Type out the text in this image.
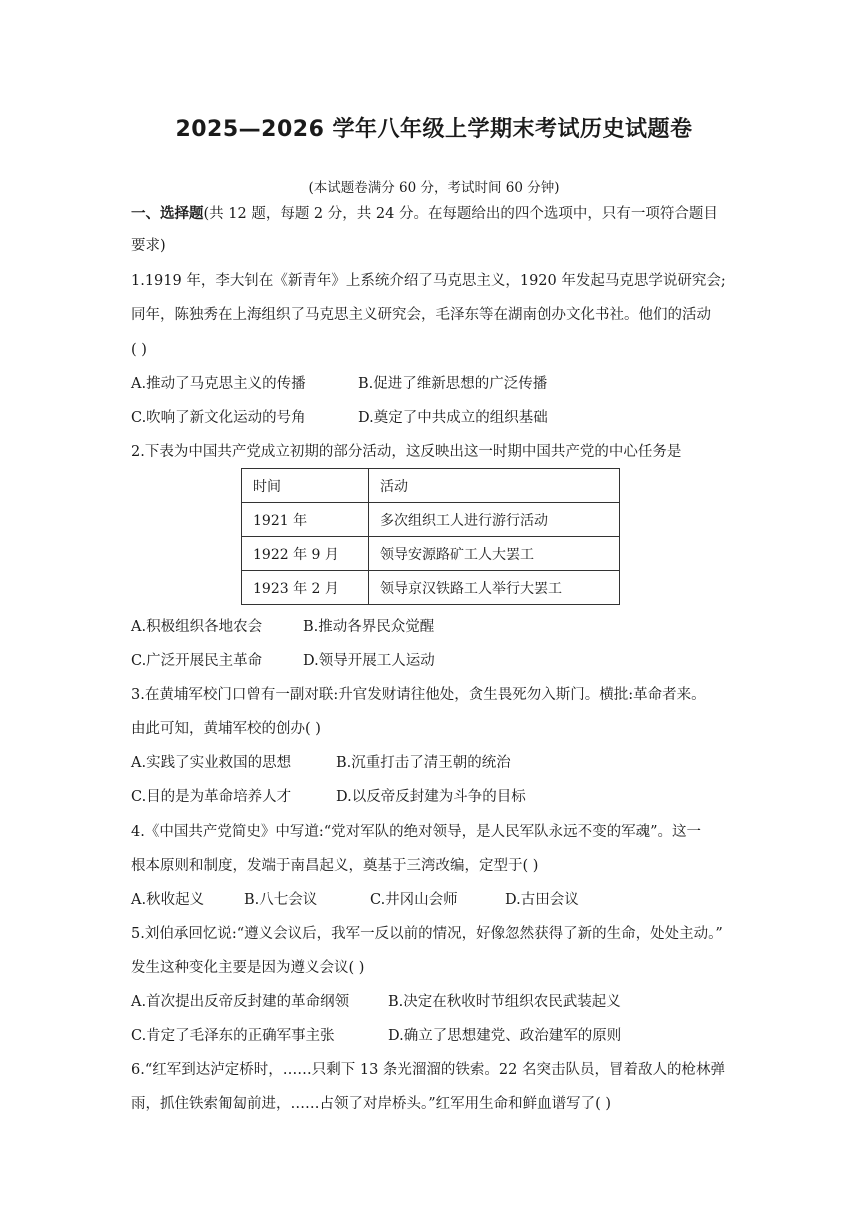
2025—2026 学年八年级上学期末考试历史试题卷
(本试题卷满分 60 分，考试时间 60 分钟)
一、选择题(共 12 题，每题 2 分，共 24 分。在每题给出的四个选项中，只有一项符合题目
要求)
1.1919 年，李大钊在《新青年》上系统介绍了马克思主义，1920 年发起马克思学说研究会;
同年，陈独秀在上海组织了马克思主义研究会，毛泽东等在湖南创办文化书社。他们的活动
( )
A.推动了马克思主义的传播	B.促进了维新思想的广泛传播
C.吹响了新文化运动的号角	D.奠定了中共成立的组织基础
2.下表为中国共产党成立初期的部分活动，这反映出这一时期中国共产党的中心任务是
时间	活动
1921 年	多次组织工人进行游行活动
1922 年 9 月	领导安源路矿工人大罢工
1923 年 2 月	领导京汉铁路工人举行大罢工
A.积极组织各地农会	B.推动各界民众觉醒
C.广泛开展民主革命	D.领导开展工人运动
3.在黄埔军校门口曾有一副对联:升官发财请往他处，贪生畏死勿入斯门。横批:革命者来。
由此可知，黄埔军校的创办( )
A.实践了实业救国的思想	B.沉重打击了清王朝的统治
C.目的是为革命培养人才	D.以反帝反封建为斗争的目标
4.《中国共产党简史》中写道:“党对军队的绝对领导，是人民军队永远不变的军魂”。这一
根本原则和制度，发端于南昌起义，奠基于三湾改编，定型于( )
A.秋收起义	B.八七会议	C.井冈山会师	D.古田会议
5.刘伯承回忆说:“遵义会议后，我军一反以前的情况，好像忽然获得了新的生命，处处主动。”
发生这种变化主要是因为遵义会议( )
A.首次提出反帝反封建的革命纲领	B.决定在秋收时节组织农民武装起义
C.肯定了毛泽东的正确军事主张	D.确立了思想建党、政治建军的原则
6.“红军到达泸定桥时，……只剩下 13 条光溜溜的铁索。22 名突击队员，冒着敌人的枪林弹
雨，抓住铁索匍匐前进，……占领了对岸桥头。”红军用生命和鲜血谱写了( )
